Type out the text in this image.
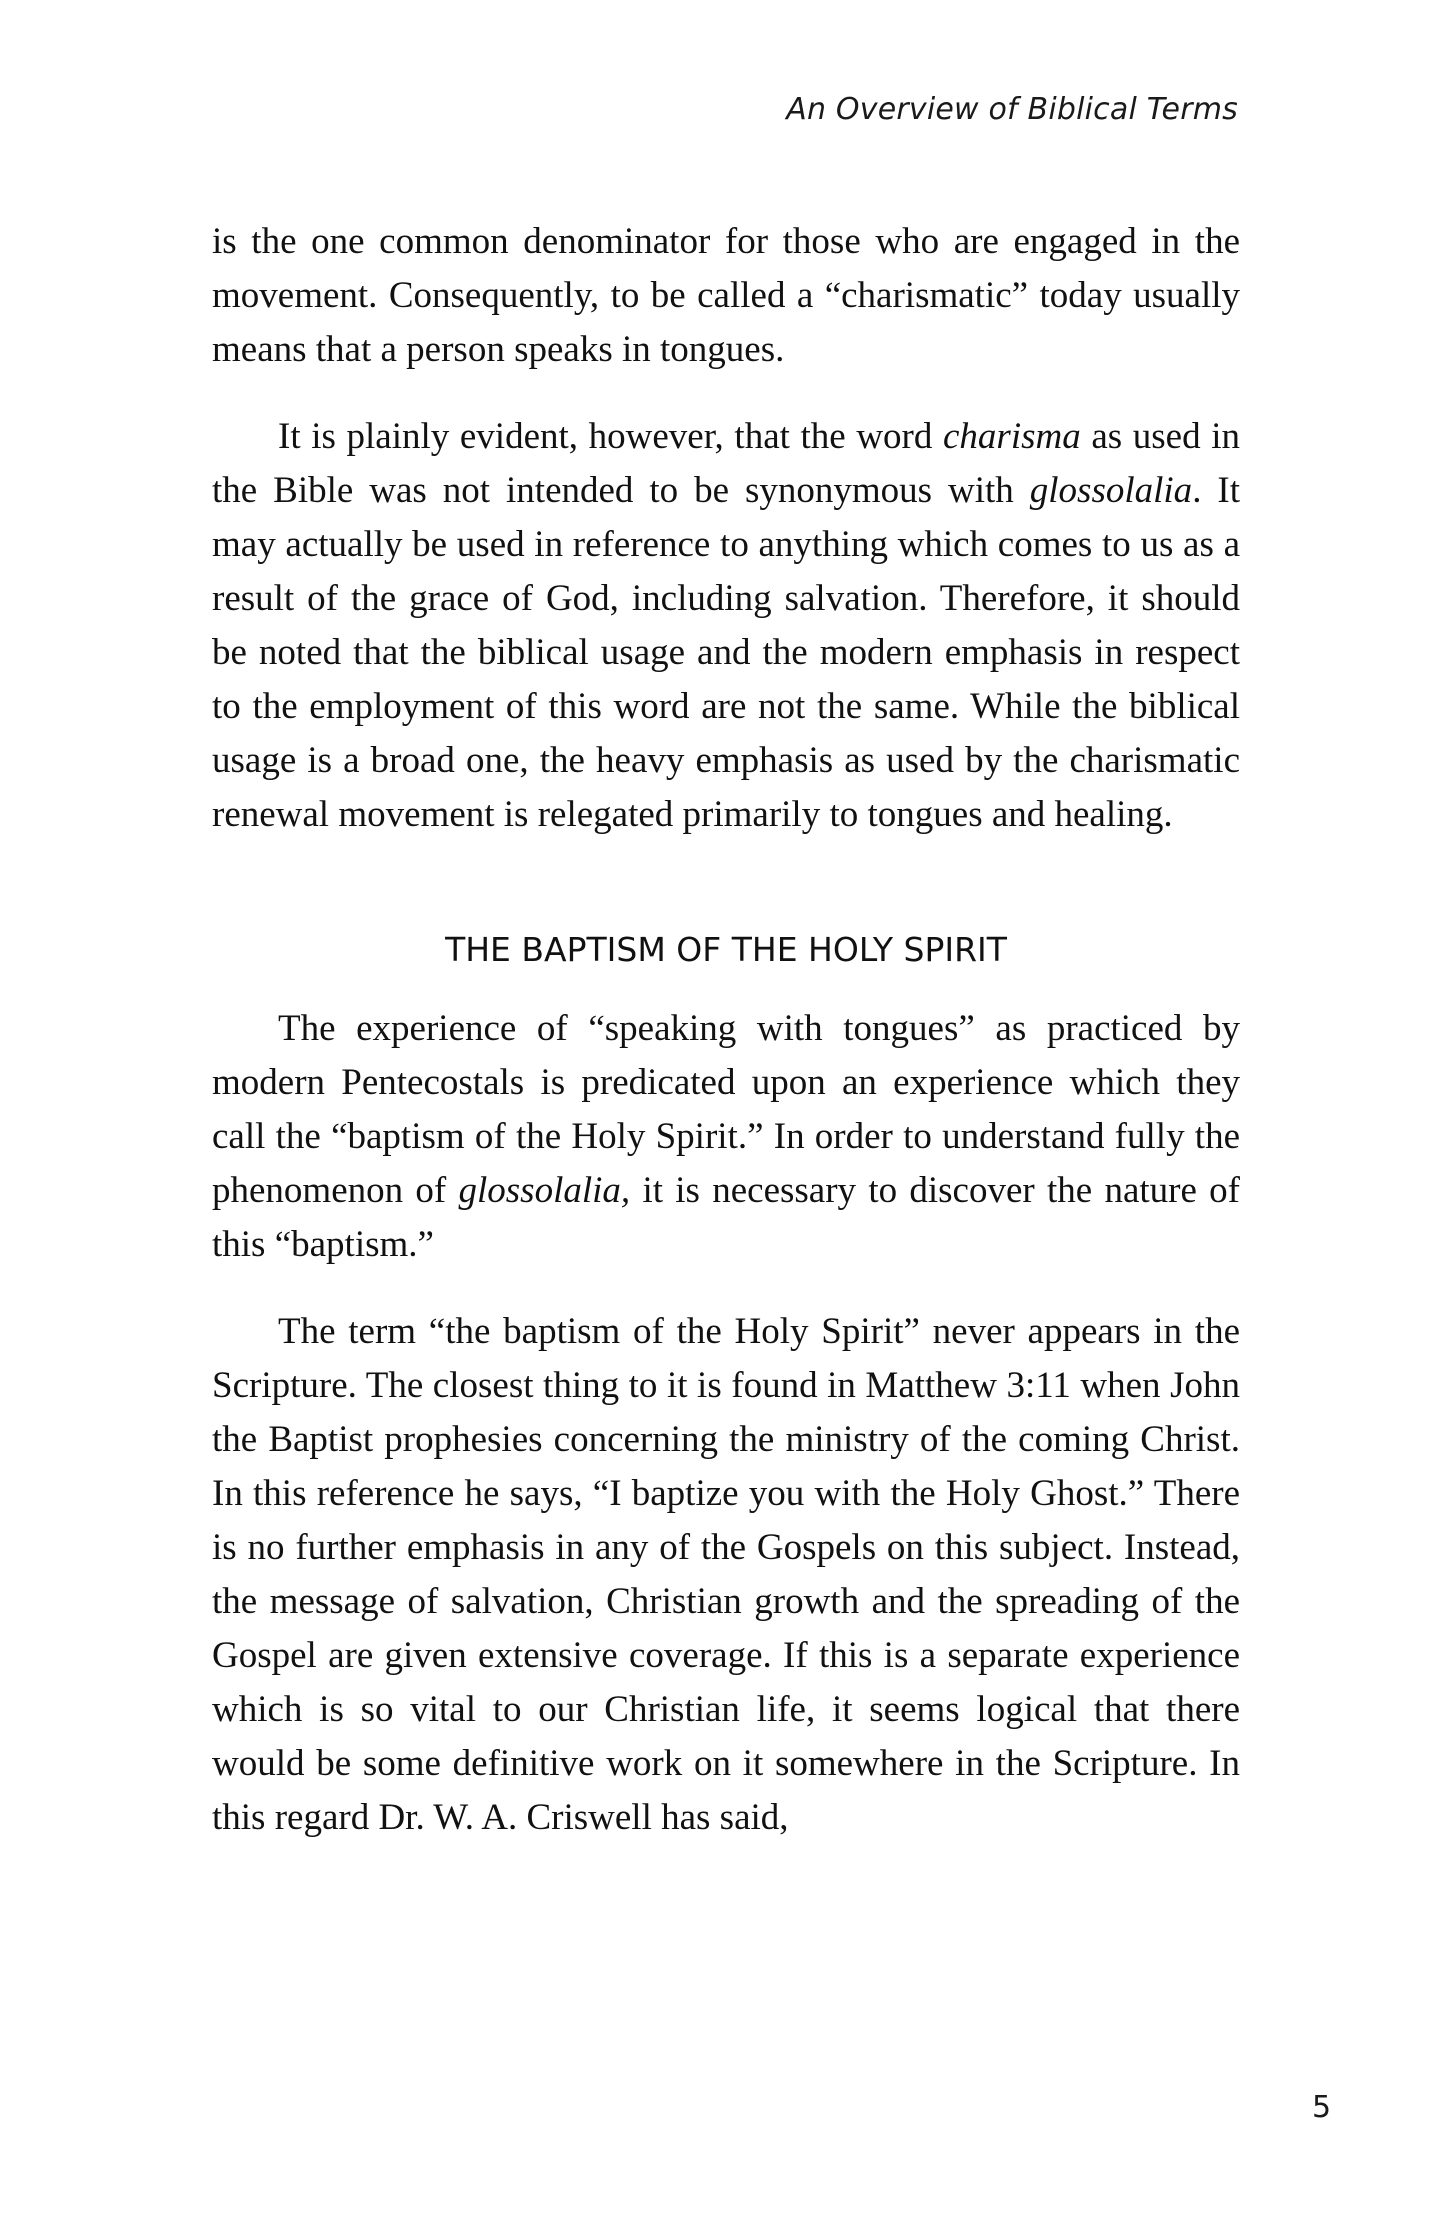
An Overview of Biblical Terms

is the one common denominator for those who are engaged in the movement. Consequently, to be called a “charismatic” today usually means that a person speaks in tongues.

It is plainly evident, however, that the word charisma as used in the Bible was not intended to be synonymous with glossolalia. It may actually be used in reference to anything which comes to us as a result of the grace of God, including salvation. Therefore, it should be noted that the biblical usage and the modern emphasis in respect to the employment of this word are not the same. While the biblical usage is a broad one, the heavy emphasis as used by the charismatic renewal movement is relegated primarily to tongues and healing.

THE BAPTISM OF THE HOLY SPIRIT

The experience of “speaking with tongues” as practiced by modern Pentecostals is predicated upon an experience which they call the “baptism of the Holy Spirit.” In order to understand fully the phenomenon of glossolalia, it is necessary to discover the nature of this “baptism.”

The term “the baptism of the Holy Spirit” never appears in the Scripture. The closest thing to it is found in Matthew 3:11 when John the Baptist prophesies concerning the ministry of the coming Christ. In this reference he says, “I baptize you with the Holy Ghost.” There is no further emphasis in any of the Gospels on this subject. Instead, the message of salvation, Christian growth and the spreading of the Gospel are given extensive coverage. If this is a separate experience which is so vital to our Christian life, it seems logical that there would be some definitive work on it somewhere in the Scripture. In this regard Dr. W. A. Criswell has said,

5
